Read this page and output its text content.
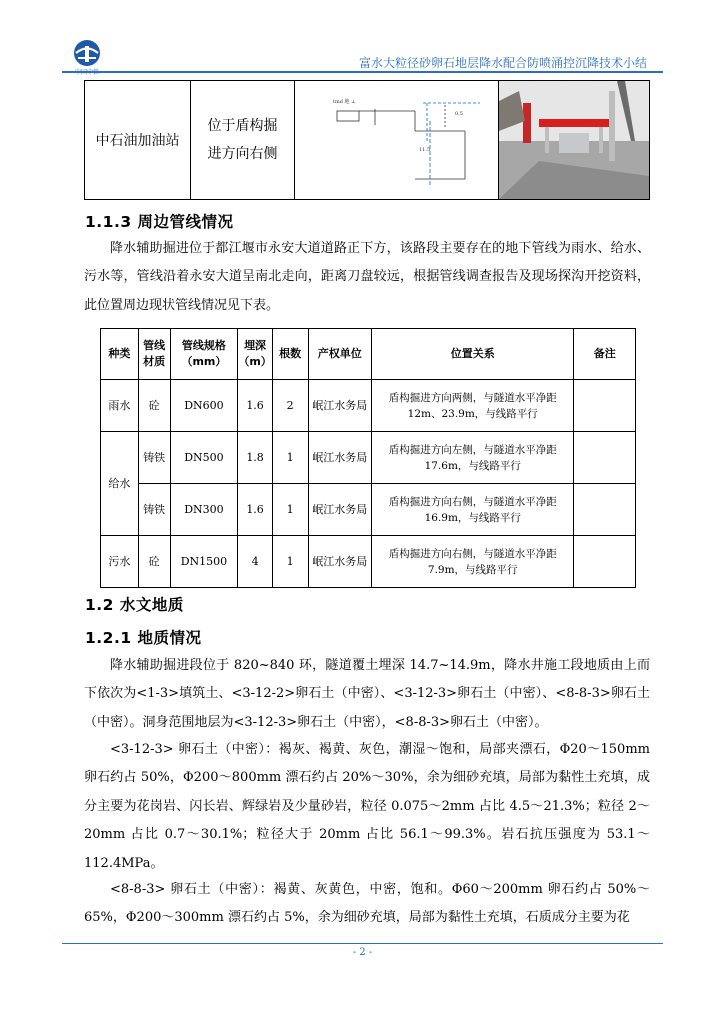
中国中铁
富水大粒径砂卵石地层降水配合防喷涌控沉降技术小结
中石油加油站
位于盾构掘进方向右侧
tmd 地 ⊥
0.5
11.5
1.1.3 周边管线情况

降水辅助掘进位于都江堰市永安大道道路正下方，该路段主要存在的地下管线为雨水、给水、污水等，管线沿着永安大道呈南北走向，距离刀盘较远，根据管线调查报告及现场探沟开挖资料，此位置周边现状管线情况见下表。

种类	管线材质	管线规格（mm）	埋深（m）	根数	产权单位	位置关系	备注
雨水	砼	DN600	1.6	2	岷江水务局	盾构掘进方向两侧，与隧道水平净距12m、23.9m，与线路平行	
给水	铸铁	DN500	1.8	1	岷江水务局	盾构掘进方向左侧，与隧道水平净距17.6m，与线路平行	
	铸铁	DN300	1.6	1	岷江水务局	盾构掘进方向右侧，与隧道水平净距16.9m，与线路平行	
污水	砼	DN1500	4	1	岷江水务局	盾构掘进方向右侧，与隧道水平净距7.9m，与线路平行	
1.2 水文地质
1.2.1 地质情况

降水辅助掘进段位于 820~840 环，隧道覆土埋深 14.7~14.9m，降水井施工段地质由上而下依次为<1-3>填筑土、<3-12-2>卵石土（中密）、<3-12-3>卵石土（中密）、<8-8-3>卵石土（中密）。洞身范围地层为<3-12-3>卵石土（中密），<8-8-3>卵石土（中密）。

<3-12-3> 卵石土（中密）：褐灰、褐黄、灰色，潮湿～饱和，局部夹漂石，Φ20～150mm 卵石约占 50%，Φ200～800mm 漂石约占 20%～30%，余为细砂充填，局部为黏性土充填，成分主要为花岗岩、闪长岩、辉绿岩及少量砂岩，粒径 0.075～2mm 占比 4.5～21.3%；粒径 2～20mm 占比 0.7～30.1%；粒径大于 20mm 占比 56.1～99.3%。岩石抗压强度为 53.1～112.4MPa。

<8-8-3> 卵石土（中密）：褐黄、灰黄色，中密，饱和。Φ60～200mm 卵石约占 50%～65%，Φ200～300mm 漂石约占 5%，余为细砂充填，局部为黏性土充填，石质成分主要为花

- 2 -
